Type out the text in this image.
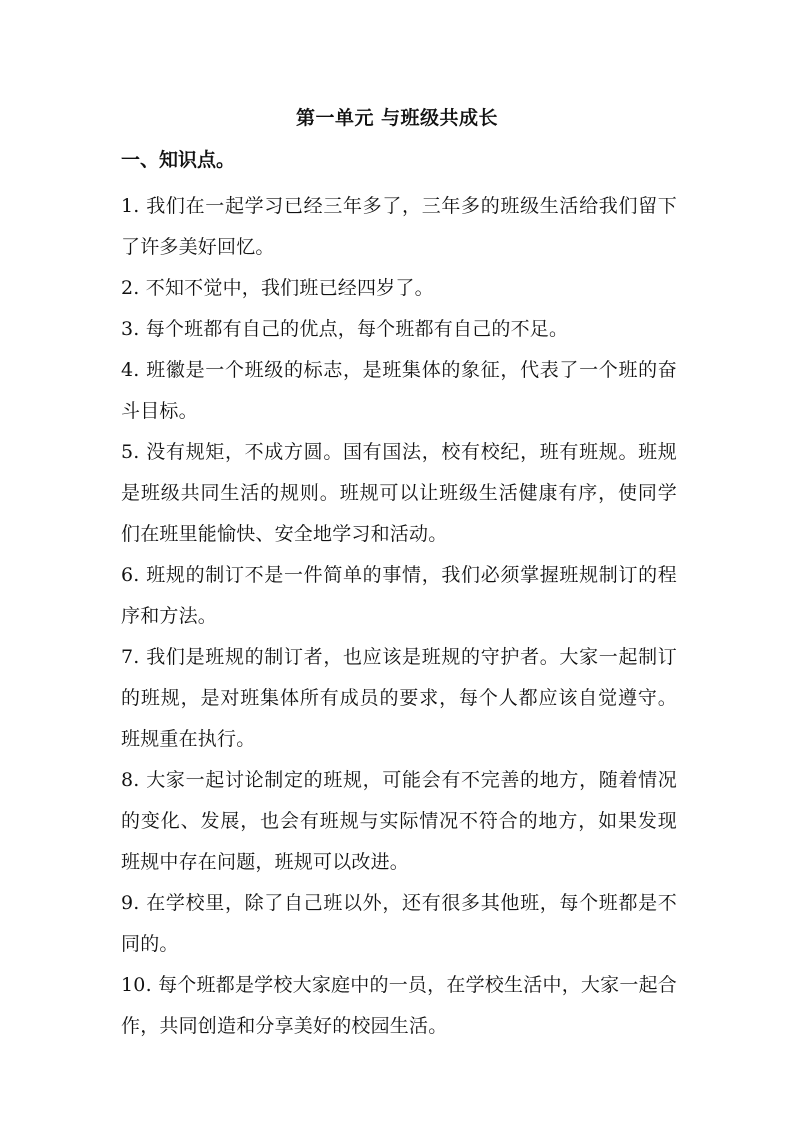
第一单元 与班级共成长
一、知识点。
1. 我们在一起学习已经三年多了，三年多的班级生活给我们留下了许多美好回忆。
2. 不知不觉中，我们班已经四岁了。
3. 每个班都有自己的优点，每个班都有自己的不足。
4. 班徽是一个班级的标志，是班集体的象征，代表了一个班的奋斗目标。
5. 没有规矩，不成方圆。国有国法，校有校纪，班有班规。班规是班级共同生活的规则。班规可以让班级生活健康有序，使同学们在班里能愉快、安全地学习和活动。
6. 班规的制订不是一件简单的事情，我们必须掌握班规制订的程序和方法。
7. 我们是班规的制订者，也应该是班规的守护者。大家一起制订的班规，是对班集体所有成员的要求，每个人都应该自觉遵守。班规重在执行。
8. 大家一起讨论制定的班规，可能会有不完善的地方，随着情况的变化、发展，也会有班规与实际情况不符合的地方，如果发现班规中存在问题，班规可以改进。
9. 在学校里，除了自己班以外，还有很多其他班，每个班都是不同的。
10. 每个班都是学校大家庭中的一员，在学校生活中，大家一起合作，共同创造和分享美好的校园生活。
